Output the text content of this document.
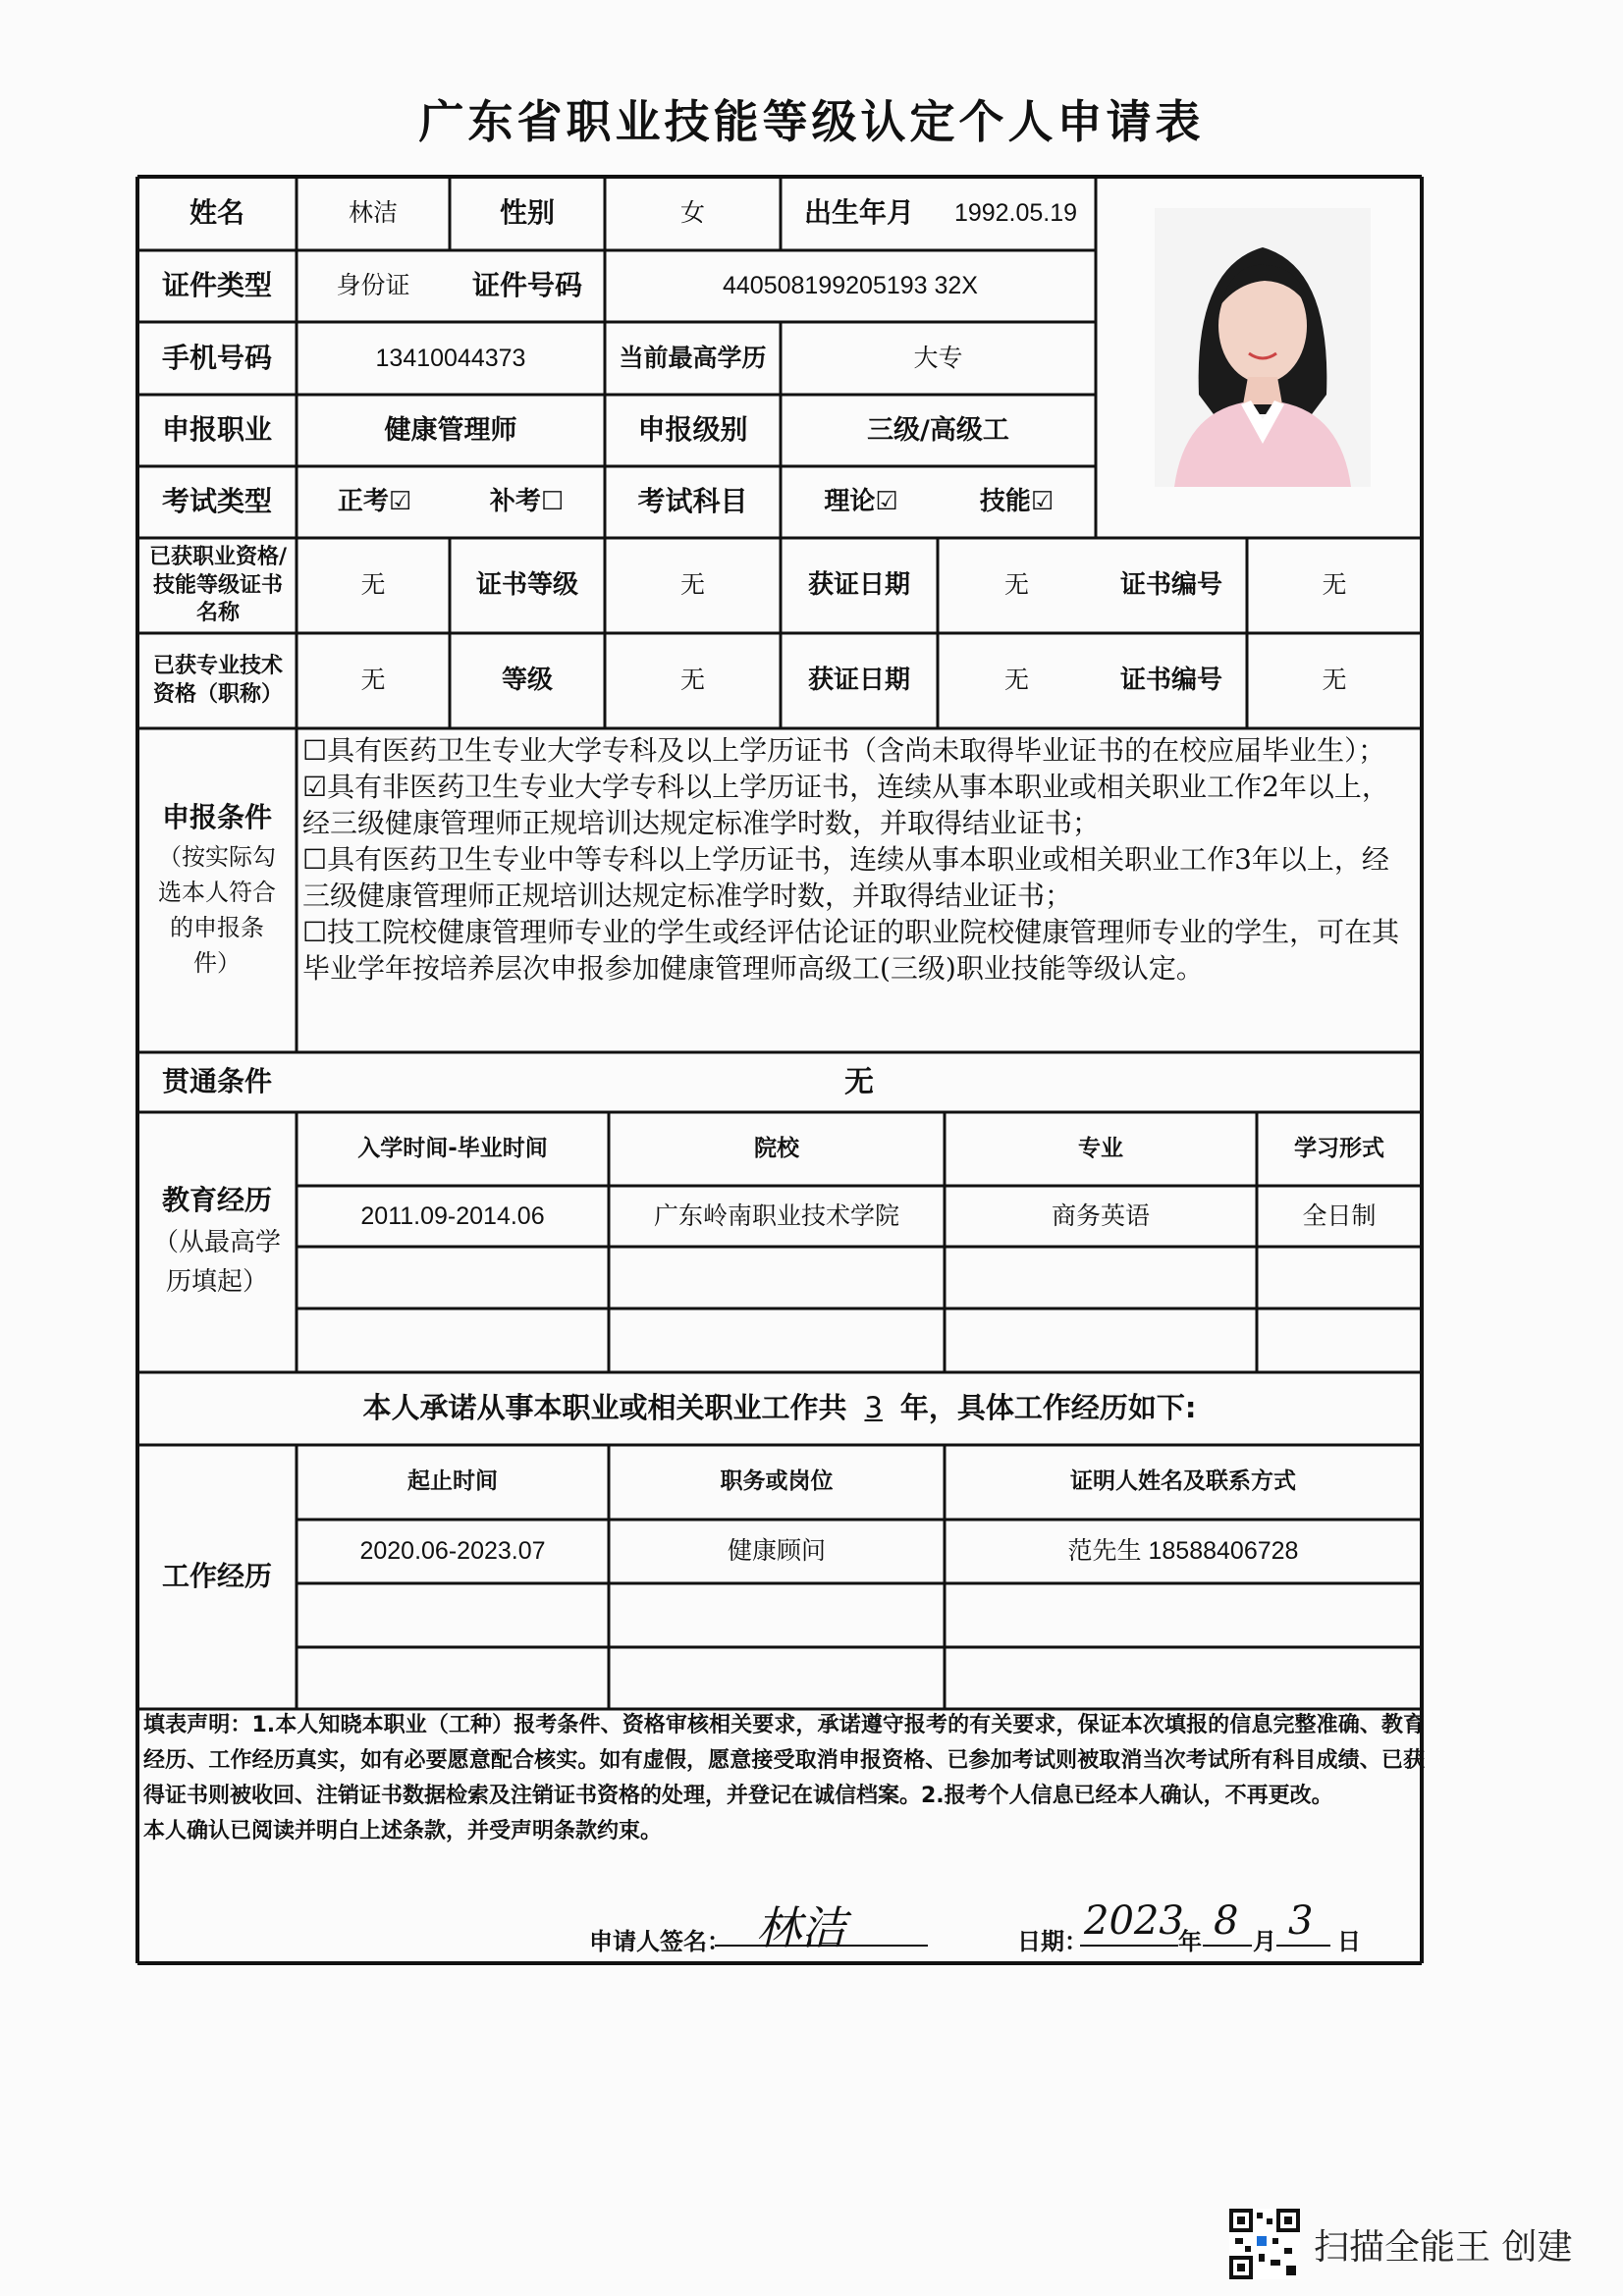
广东省职业技能等级认定个人申请表
姓名	林洁	性别	女	出生年月	1992.05.19
证件类型	身份证	证件号码	440508199205193 32X
手机号码	13410044373	当前最高学历	大专
申报职业	健康管理师	申报级别	三级/高级工
考试类型	正考☑	补考☐	考试科目	理论☑	技能☑
已获职业资格/技能等级证书名称
无	证书等级	无	获证日期	无	证书编号	无
已获专业技术资格（职称）
无	等级	无	获证日期	无	证书编号	无
申报条件
（按实际勾选本人符合的申报条件）

☐具有医药卫生专业大学专科及以上学历证书（含尚未取得毕业证书的在校应届毕业生）；

☑具有非医药卫生专业大学专科以上学历证书，连续从事本职业或相关职业工作2年以上，经三级健康管理师正规培训达规定标准学时数，并取得结业证书；

☐具有医药卫生专业中等专科以上学历证书，连续从事本职业或相关职业工作3年以上，经三级健康管理师正规培训达规定标准学时数，并取得结业证书；

☐技工院校健康管理师专业的学生或经评估论证的职业院校健康管理师专业的学生，可在其毕业学年按培养层次申报参加健康管理师高级工(三级)职业技能等级认定。

贯通条件	无
教育经历
（从最高学历填起）
入学时间-毕业时间	院校	专业	学习形式
2011.09-2014.06	广东岭南职业技术学院	商务英语	全日制
本人承诺从事本职业或相关职业工作共 3 年，具体工作经历如下:
工作经历
起止时间	职务或岗位	证明人姓名及联系方式
2020.06-2023.07	健康顾问	范先生 18588406728

填表声明：1.本人知晓本职业（工种）报考条件、资格审核相关要求，承诺遵守报考的有关要求，保证本次填报的信息完整准确、教育经历、工作经历真实，如有必要愿意配合核实。如有虚假，愿意接受取消申报资格、已参加考试则被取消当次考试所有科目成绩、已获得证书则被收回、注销证书数据检索及注销证书资格的处理，并登记在诚信档案。2.报考个人信息已经本人确认，不再更改。

本人确认已阅读并明白上述条款，并受声明条款约束。

申请人签名： 林洁	日期：
2023
年 8 月 3 日
扫描全能王 创建
